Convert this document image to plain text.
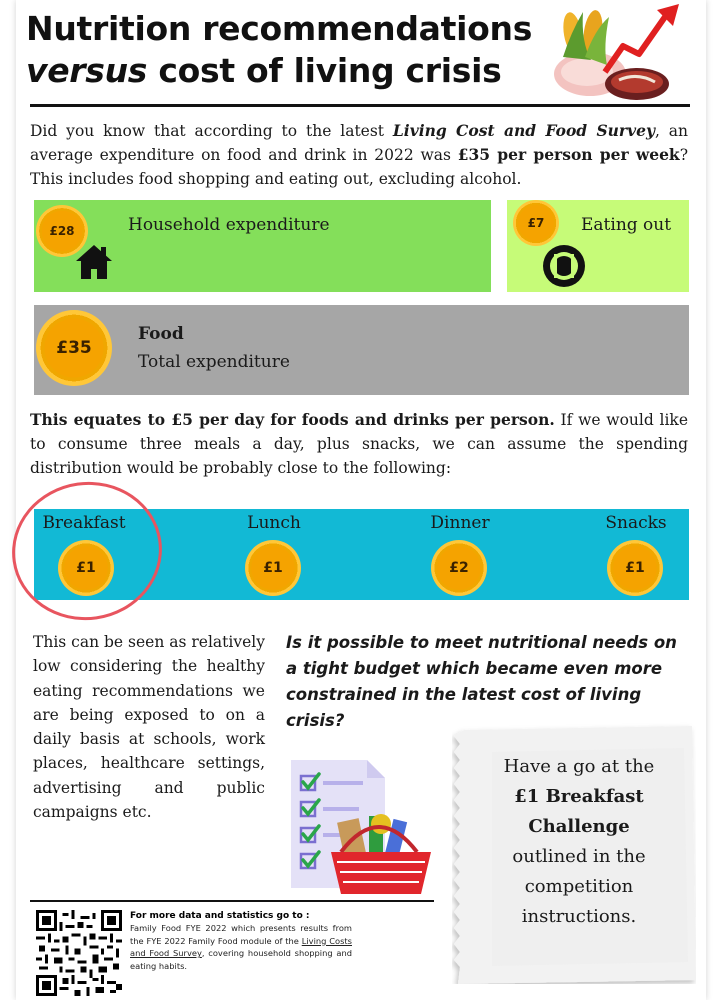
Nutrition recommendations
versus cost of living crisis

Did you know that according to the latest Living Cost and Food Survey, an average expenditure on food and drink in 2022 was £35 per person per week? This includes food shopping and eating out, excluding alcohol.

£28	Household expenditure	£7	Eating out
£35
Food
Total expenditure

This equates to £5 per day for foods and drinks per person. If we would like to consume three meals a day, plus snacks, we can assume the spending distribution would be probably close to the following:

Breakfast	Lunch	Dinner	Snacks
£1	£1	£2	£1

This can be seen as relatively low considering the healthy eating recommendations we are being exposed to on a daily basis at schools, work places, healthcare settings, advertising and public campaigns etc.

Is it possible to meet nutritional needs on a tight budget which became even more constrained in the latest cost of living crisis?

Have a go at the
£1 Breakfast Challenge
outlined in the competition instructions.
For more data and statistics go to :
Family Food FYE 2022 which presents results from the FYE 2022 Family Food module of the Living Costs and Food Survey, covering household shopping and eating habits.
